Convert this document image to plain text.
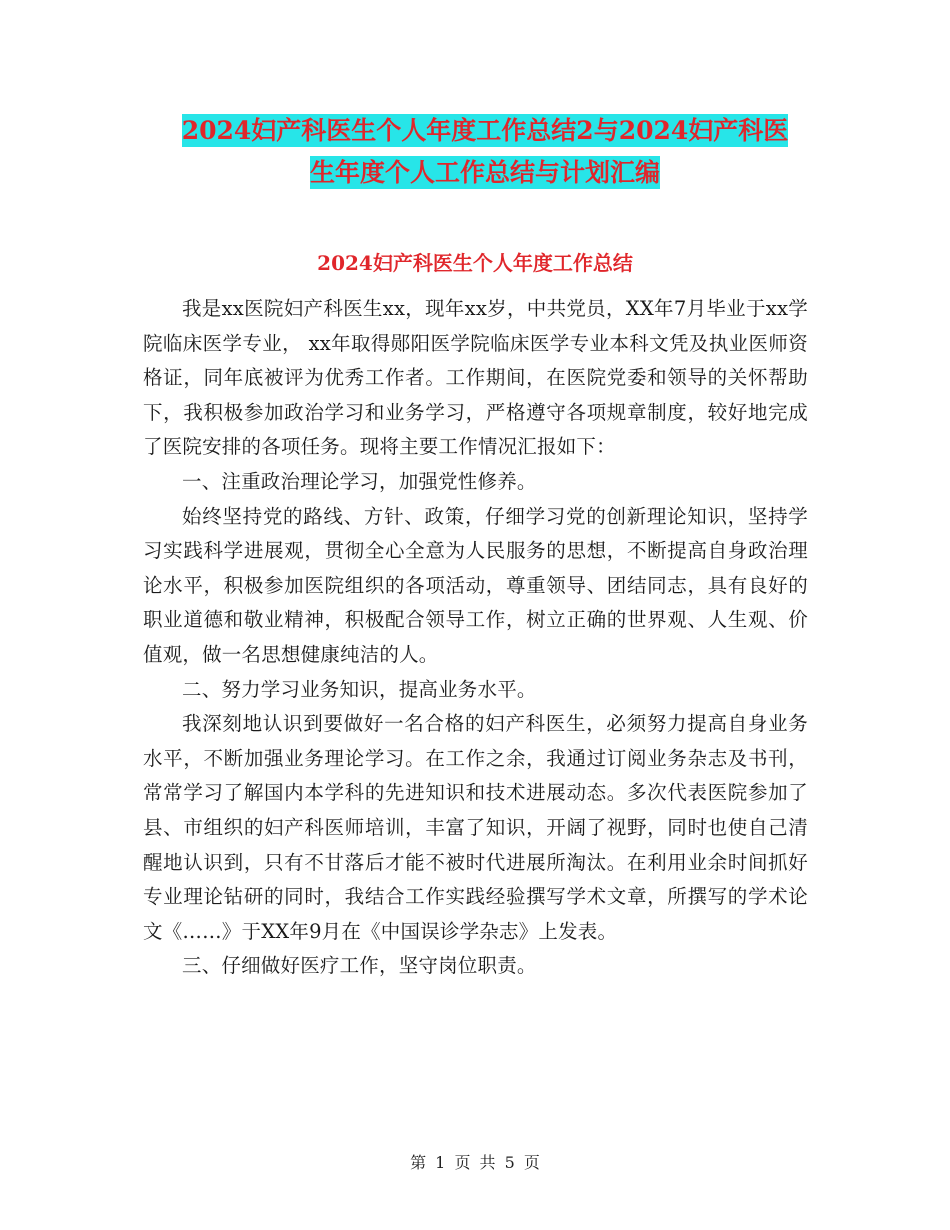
2024妇产科医生个人年度工作总结2与2024妇产科医
生年度个人工作总结与计划汇编
2024妇产科医生个人年度工作总结

我是xx医院妇产科医生xx，现年xx岁，中共党员，XX年7月毕业于xx学院临床医学专业， xx年取得郧阳医学院临床医学专业本科文凭及执业医师资格证，同年底被评为优秀工作者。工作期间，在医院党委和领导的关怀帮助下，我积极参加政治学习和业务学习，严格遵守各项规章制度，较好地完成了医院安排的各项任务。现将主要工作情况汇报如下：

一、注重政治理论学习，加强党性修养。

始终坚持党的路线、方针、政策，仔细学习党的创新理论知识，坚持学习实践科学进展观，贯彻全心全意为人民服务的思想，不断提高自身政治理论水平，积极参加医院组织的各项活动，尊重领导、团结同志，具有良好的职业道德和敬业精神，积极配合领导工作，树立正确的世界观、人生观、价值观，做一名思想健康纯洁的人。

二、努力学习业务知识，提高业务水平。

我深刻地认识到要做好一名合格的妇产科医生，必须努力提高自身业务水平，不断加强业务理论学习。在工作之余，我通过订阅业务杂志及书刊，常常学习了解国内本学科的先进知识和技术进展动态。多次代表医院参加了县、市组织的妇产科医师培训，丰富了知识，开阔了视野，同时也使自己清醒地认识到，只有不甘落后才能不被时代进展所淘汰。在利用业余时间抓好专业理论钻研的同时，我结合工作实践经验撰写学术文章，所撰写的学术论文《……》于XX年9月在《中国误诊学杂志》上发表。

三、仔细做好医疗工作，坚守岗位职责。

第 1 页 共 5 页
